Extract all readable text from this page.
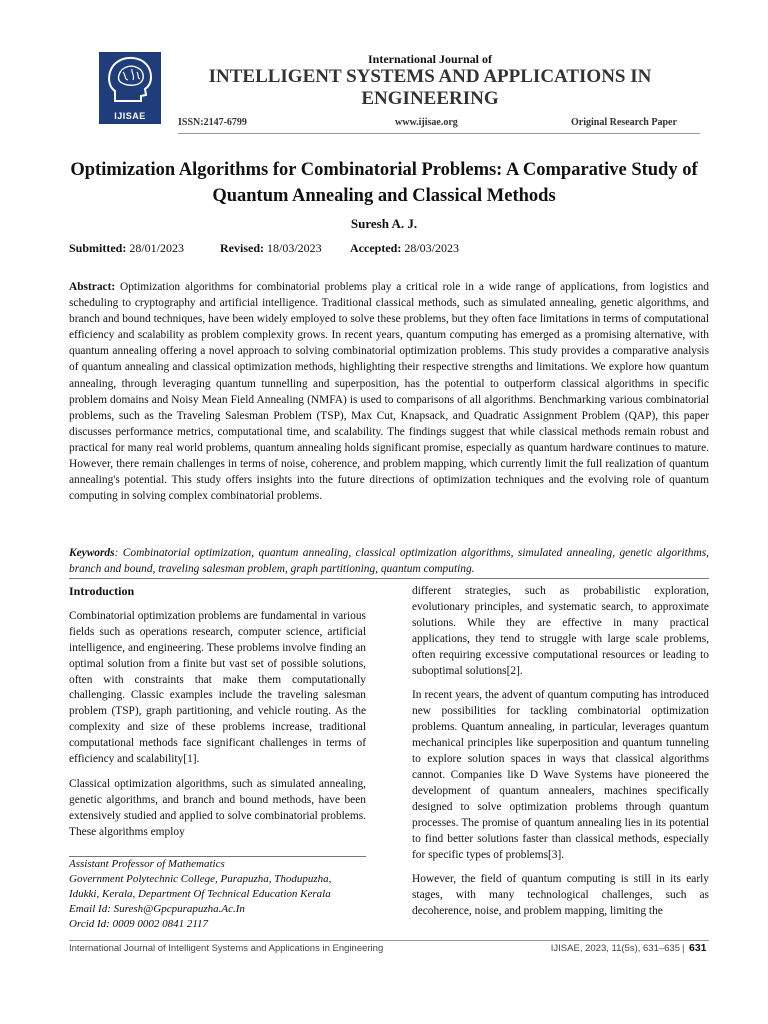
IJISAE
International Journal of
INTELLIGENT SYSTEMS AND APPLICATIONS IN ENGINEERING
ISSN:2147-6799	www.ijisae.org	Original Research Paper
Optimization Algorithms for Combinatorial Problems: A Comparative Study of Quantum Annealing and Classical Methods
Suresh A. J.
Submitted: 28/01/2023	Revised: 18/03/2023 Accepted: 28/03/2023

Abstract: Optimization algorithms for combinatorial problems play a critical role in a wide range of applications, from logistics and scheduling to cryptography and artificial intelligence. Traditional classical methods, such as simulated annealing, genetic algorithms, and branch and bound techniques, have been widely employed to solve these problems, but they often face limitations in terms of computational efficiency and scalability as problem complexity grows. In recent years, quantum computing has emerged as a promising alternative, with quantum annealing offering a novel approach to solving combinatorial optimization problems. This study provides a comparative analysis of quantum annealing and classical optimization methods, highlighting their respective strengths and limitations. We explore how quantum annealing, through leveraging quantum tunnelling and superposition, has the potential to outperform classical algorithms in specific problem domains and Noisy Mean Field Annealing (NMFA) is used to comparisons of all algorithms. Benchmarking various combinatorial problems, such as the Traveling Salesman Problem (TSP), Max Cut, Knapsack, and Quadratic Assignment Problem (QAP), this paper discusses performance metrics, computational time, and scalability. The findings suggest that while classical methods remain robust and practical for many real world problems, quantum annealing holds significant promise, especially as quantum hardware continues to mature. However, there remain challenges in terms of noise, coherence, and problem mapping, which currently limit the full realization of quantum annealing's potential. This study offers insights into the future directions of optimization techniques and the evolving role of quantum computing in solving complex combinatorial problems.

Keywords: Combinatorial optimization, quantum annealing, classical optimization algorithms, simulated annealing, genetic algorithms, branch and bound, traveling salesman problem, graph partitioning, quantum computing.

Introduction

Combinatorial optimization problems are fundamental in various fields such as operations research, computer science, artificial intelligence, and engineering. These problems involve finding an optimal solution from a finite but vast set of possible solutions, often with constraints that make them computationally challenging. Classic examples include the traveling salesman problem (TSP), graph partitioning, and vehicle routing. As the complexity and size of these problems increase, traditional computational methods face significant challenges in terms of efficiency and scalability[1].

Classical optimization algorithms, such as simulated annealing, genetic algorithms, and branch and bound methods, have been extensively studied and applied to solve combinatorial problems. These algorithms employ

Assistant Professor of Mathematics
Government Polytechnic College, Purapuzha, Thodupuzha,
Idukki, Kerala, Department Of Technical Education Kerala
Email Id: Suresh@Gpcpurapuzha.Ac.In
Orcid Id: 0009 0002 0841 2117

different strategies, such as probabilistic exploration, evolutionary principles, and systematic search, to approximate solutions. While they are effective in many practical applications, they tend to struggle with large scale problems, often requiring excessive computational resources or leading to suboptimal solutions[2].

In recent years, the advent of quantum computing has introduced new possibilities for tackling combinatorial optimization problems. Quantum annealing, in particular, leverages quantum mechanical principles like superposition and quantum tunneling to explore solution spaces in ways that classical algorithms cannot. Companies like D Wave Systems have pioneered the development of quantum annealers, machines specifically designed to solve optimization problems through quantum processes. The promise of quantum annealing lies in its potential to find better solutions faster than classical methods, especially for specific types of problems[3].

However, the field of quantum computing is still in its early stages, with many technological challenges, such as decoherence, noise, and problem mapping, limiting the

International Journal of Intelligent Systems and Applications in Engineering	IJISAE, 2023, 11(5s), 631–635 | 631
